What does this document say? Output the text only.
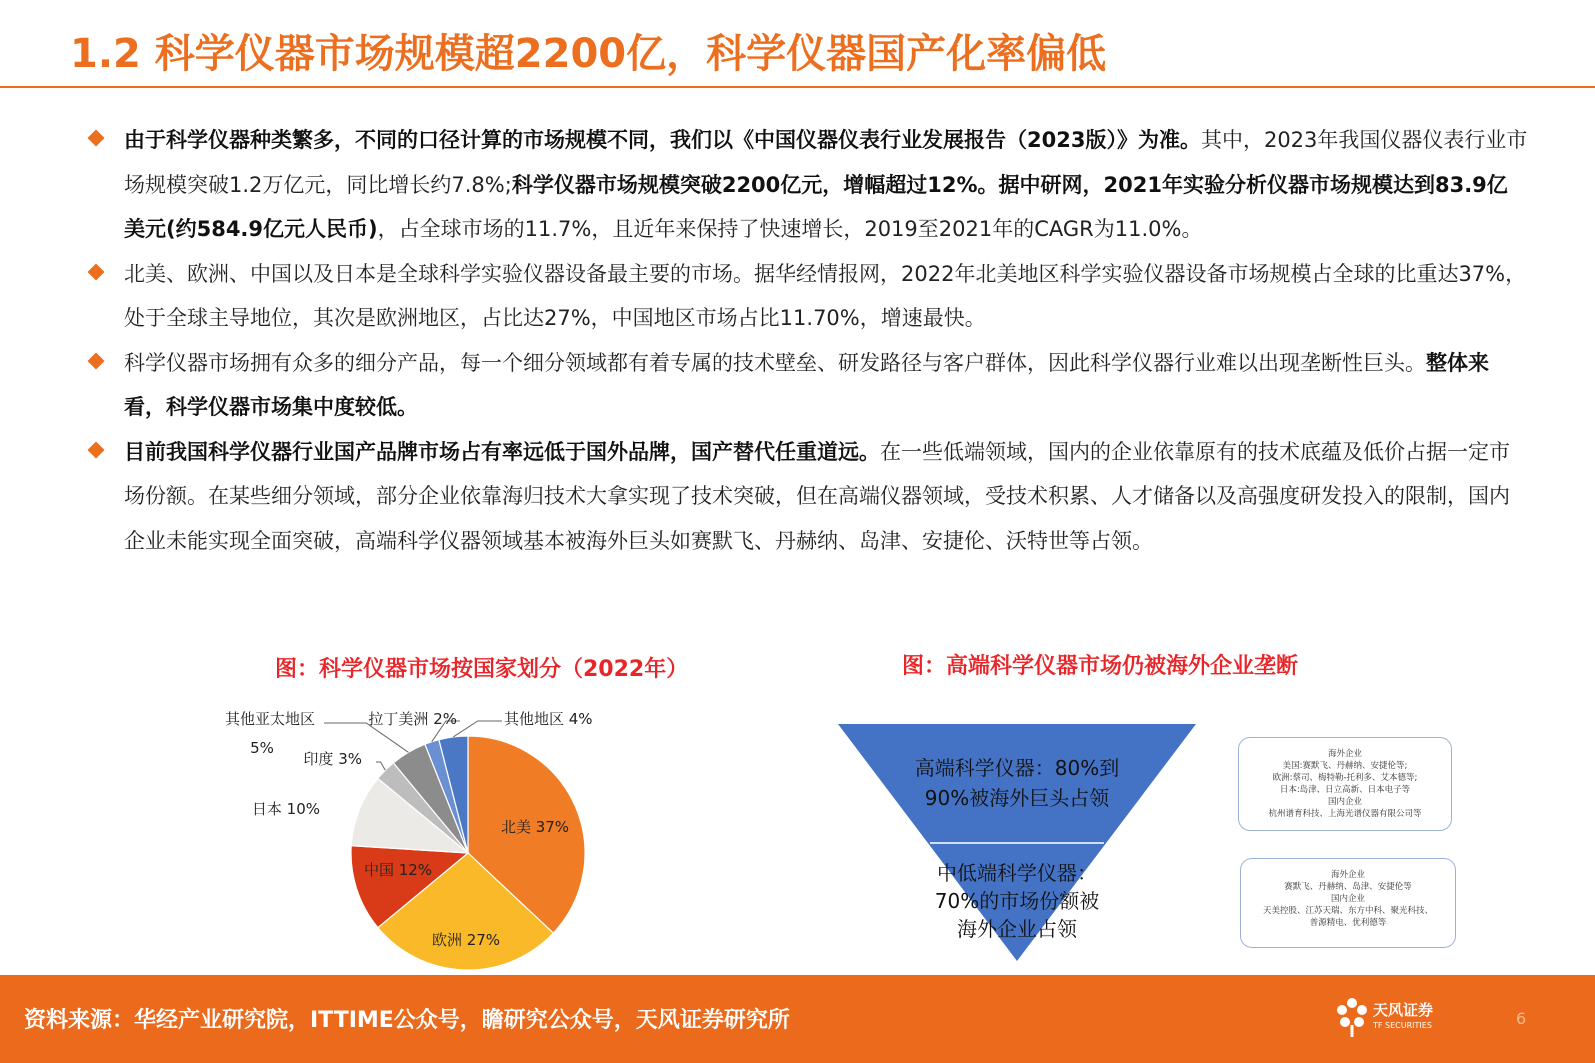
1.2 科学仪器市场规模超2200亿，科学仪器国产化率偏低

由于科学仪器种类繁多，不同的口径计算的市场规模不同，我们以《中国仪器仪表行业发展报告（2023版）》为准。其中，2023年我国仪器仪表行业市场规模突破1.2万亿元，同比增长约7.8%;科学仪器市场规模突破2200亿元，增幅超过12%。据中研网，2021年实验分析仪器市场规模达到83.9亿美元(约584.9亿元人民币)，占全球市场的11.7%，且近年来保持了快速增长，2019至2021年的CAGR为11.0%。

北美、欧洲、中国以及日本是全球科学实验仪器设备最主要的市场。据华经情报网，2022年北美地区科学实验仪器设备市场规模占全球的比重达37%，处于全球主导地位，其次是欧洲地区，占比达27%，中国地区市场占比11.70%，增速最快。

科学仪器市场拥有众多的细分产品，每一个细分领域都有着专属的技术壁垒、研发路径与客户群体，因此科学仪器行业难以出现垄断性巨头。整体来看，科学仪器市场集中度较低。

目前我国科学仪器行业国产品牌市场占有率远低于国外品牌，国产替代任重道远。在一些低端领域，国内的企业依靠原有的技术底蕴及低价占据一定市场份额。在某些细分领域，部分企业依靠海归技术大拿实现了技术突破，但在高端仪器领域，受技术积累、人才储备以及高强度研发投入的限制，国内企业未能实现全面突破，高端科学仪器领域基本被海外巨头如赛默飞、丹赫纳、岛津、安捷伦、沃特世等占领。

图：科学仪器市场按国家划分（2022年）	图：高端科学仪器市场仍被海外企业垄断
北美 37%
欧洲 27%
中国 12%
日本 10%
印度 3%
其他亚太地区
5%
拉丁美洲 2%	其他地区 4%
高端科学仪器：80%到
90%被海外巨头占领
中低端科学仪器：
70%的市场份额被
海外企业占领
海外企业
美国:赛默飞、丹赫纳、安捷伦等;
欧洲:蔡司、梅特勒-托利多、艾本德等;
日本:岛津、日立高新、日本电子等
国内企业
杭州谱育科技、上海光谱仪器有限公司等
海外企业
赛默飞、丹赫纳、岛津、安捷伦等
国内企业
天美控股、江苏天瑞、东方中科、聚光科技、
普源精电、优利德等
资料来源：华经产业研究院，ITTIME公众号，瞻研究公众号，天风证券研究所	天风证券
TF SECURITIES	6
